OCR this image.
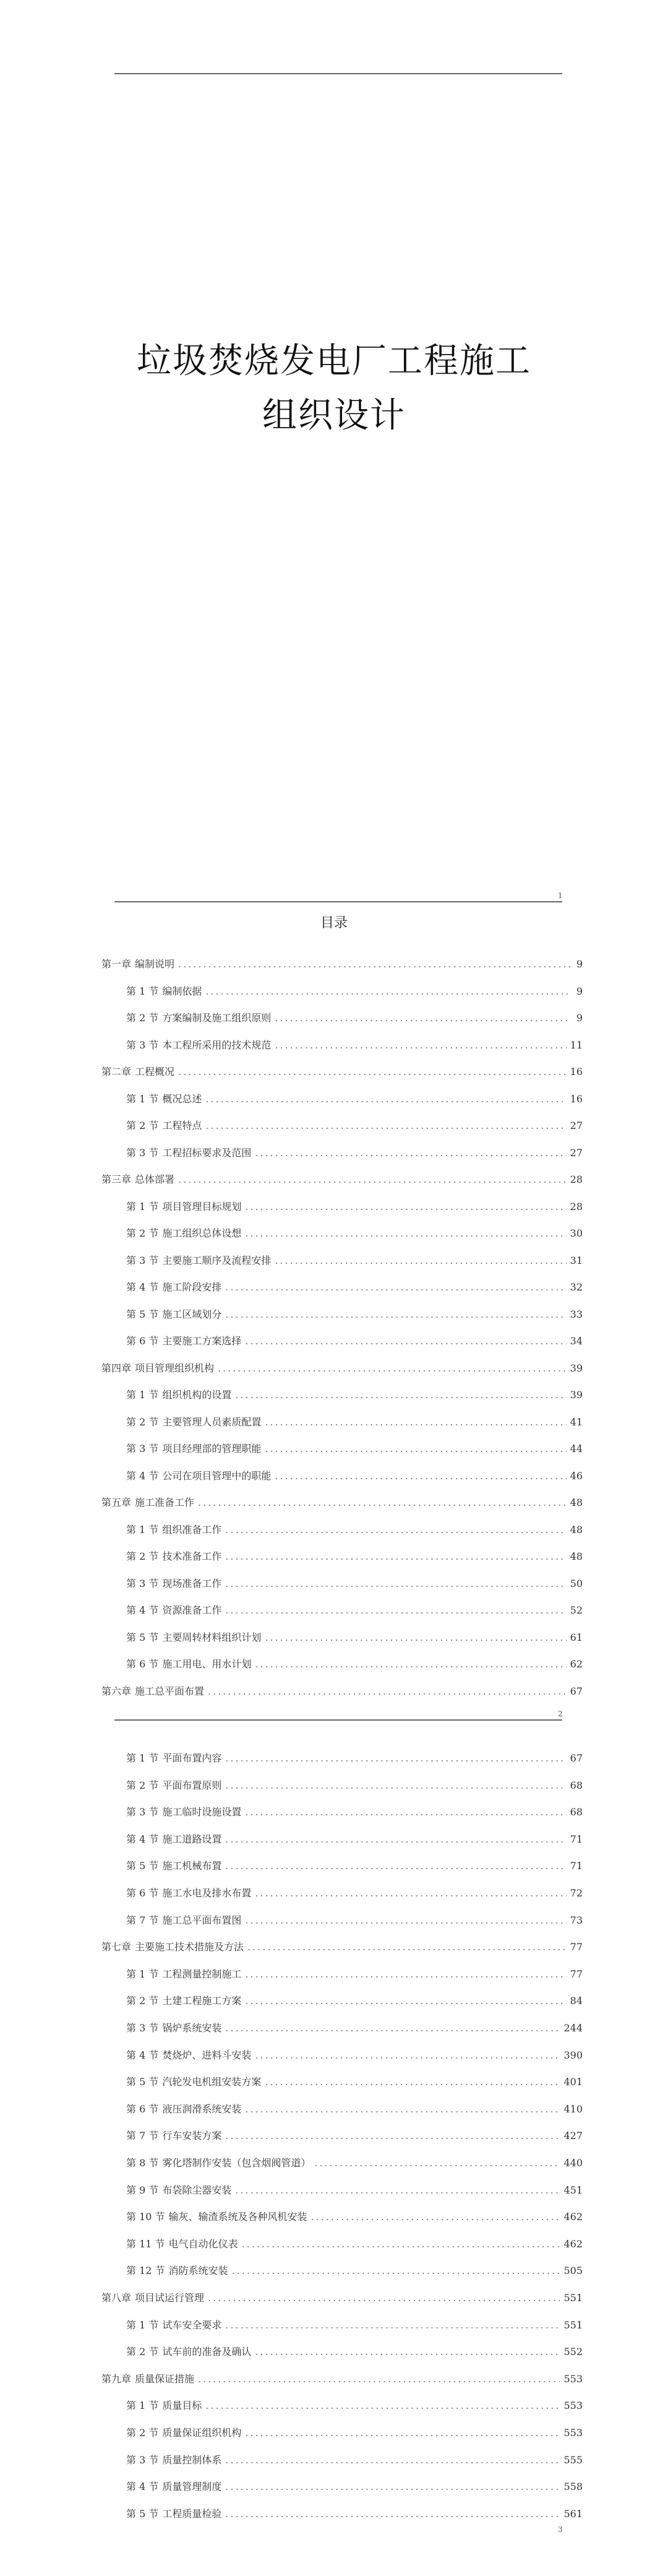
垃圾焚烧发电厂工程施工
组织设计
1
目录
第一章 编制说明 .....	9
第 1 节 编制依据 .....	9
第 2 节 方案编制及施工组织原则 .....	9
第 3 节 本工程所采用的技术规范 .....	11
第二章 工程概况 .....	16
第 1 节 概况总述 .....	16
第 2 节 工程特点 .....	27
第 3 节 工程招标要求及范围 .....	27
第三章 总体部署 .....	28
第 1 节 项目管理目标规划 .....	28
第 2 节 施工组织总体设想 .....	30
第 3 节 主要施工顺序及流程安排 .....	31
第 4 节 施工阶段安排 .....	32
第 5 节 施工区域划分 .....	33
第 6 节 主要施工方案选择 .....	34
第四章 项目管理组织机构 .....	39
第 1 节 组织机构的设置 .....	39
第 2 节 主要管理人员素质配置 .....	41
第 3 节 项目经理部的管理职能 .....	44
第 4 节 公司在项目管理中的职能 .....	46
第五章 施工准备工作 .....	48
第 1 节 组织准备工作 .....	48
第 2 节 技术准备工作 .....	48
第 3 节 现场准备工作 .....	50
第 4 节 资源准备工作 .....	52
第 5 节 主要周转材料组织计划 .....	61
第 6 节 施工用电、用水计划 .....	62
第六章 施工总平面布置 .....	67
第 1 节 平面布置内容 .....	67
第 2 节 平面布置原则 .....	68
第 3 节 施工临时设施设置 .....	68
第 4 节 施工道路设置 .....	71
第 5 节 施工机械布置 .....	71
第 6 节 施工水电及排水布置 .....	72
第 7 节 施工总平面布置图 .....	73
第七章 主要施工技术措施及方法 .....	77
第 1 节 工程测量控制施工 .....	77
第 2 节 土建工程施工方案 .....	84
第 3 节 锅炉系统安装 .....	244
第 4 节 焚烧炉、进料斗安装 .....	390
第 5 节 汽轮发电机组安装方案 .....	401
第 6 节 液压润滑系统安装 .....	410
第 7 节 行车安装方案 .....	427
第 8 节 雾化塔制作安装（包含烟阀管道） .....	440
第 9 节 布袋除尘器安装 .....	451
第 10 节 输灰、输渣系统及各种风机安装 .....	462
第 11 节 电气自动化仪表 .....	462
第 12 节 消防系统安装 .....	505
第八章 项目试运行管理 .....	551
第 1 节 试车安全要求 .....	551
第 2 节 试车前的准备及确认 .....	552
第九章 质量保证措施 .....	553
第 1 节 质量目标 .....	553
第 2 节 质量保证组织机构 .....	553
第 3 节 质量控制体系 .....	555
第 4 节 质量管理制度 .....	558
第 5 节 工程质量检验 .....	561
2
3
